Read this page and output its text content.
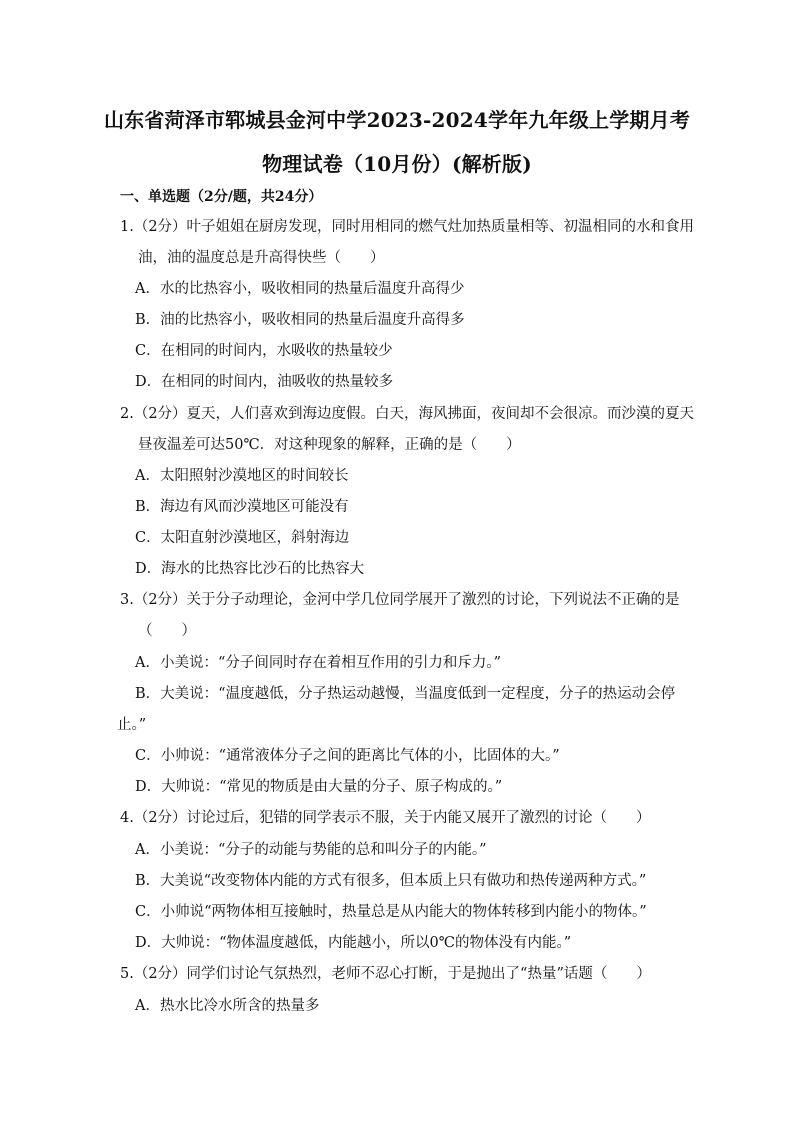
山东省菏泽市郓城县金河中学2023-2024学年九年级上学期月考
物理试卷（10月份）(解析版)
一、单选题（2分/题，共24分）
1.（2分）叶子姐姐在厨房发现，同时用相同的燃气灶加热质量相等、初温相同的水和食用
油，油的温度总是升高得快些（　　）
A．水的比热容小，吸收相同的热量后温度升高得少
B．油的比热容小，吸收相同的热量后温度升高得多
C．在相同的时间内，水吸收的热量较少
D．在相同的时间内，油吸收的热量较多
2.（2分）夏天，人们喜欢到海边度假。白天，海风拂面，夜间却不会很凉。而沙漠的夏天
昼夜温差可达50℃．对这种现象的解释，正确的是（　　）
A．太阳照射沙漠地区的时间较长
B．海边有风而沙漠地区可能没有
C．太阳直射沙漠地区，斜射海边
D．海水的比热容比沙石的比热容大
3.（2分）关于分子动理论，金河中学几位同学展开了激烈的讨论，下列说法不正确的是
（　　）
A．小美说：“分子间同时存在着相互作用的引力和斥力。”
B．大美说：“温度越低，分子热运动越慢，当温度低到一定程度，分子的热运动会停
止。”
C．小帅说：“通常液体分子之间的距离比气体的小，比固体的大。”
D．大帅说：“常见的物质是由大量的分子、原子构成的。”
4.（2分）讨论过后，犯错的同学表示不服，关于内能又展开了激烈的讨论（　　）
A．小美说：“分子的动能与势能的总和叫分子的内能。”
B．大美说“改变物体内能的方式有很多，但本质上只有做功和热传递两种方式。”
C．小帅说“两物体相互接触时，热量总是从内能大的物体转移到内能小的物体。”
D．大帅说：“物体温度越低，内能越小，所以0℃的物体没有内能。”
5.（2分）同学们讨论气氛热烈，老师不忍心打断，于是抛出了“热量”话题（　　）
A．热水比冷水所含的热量多
